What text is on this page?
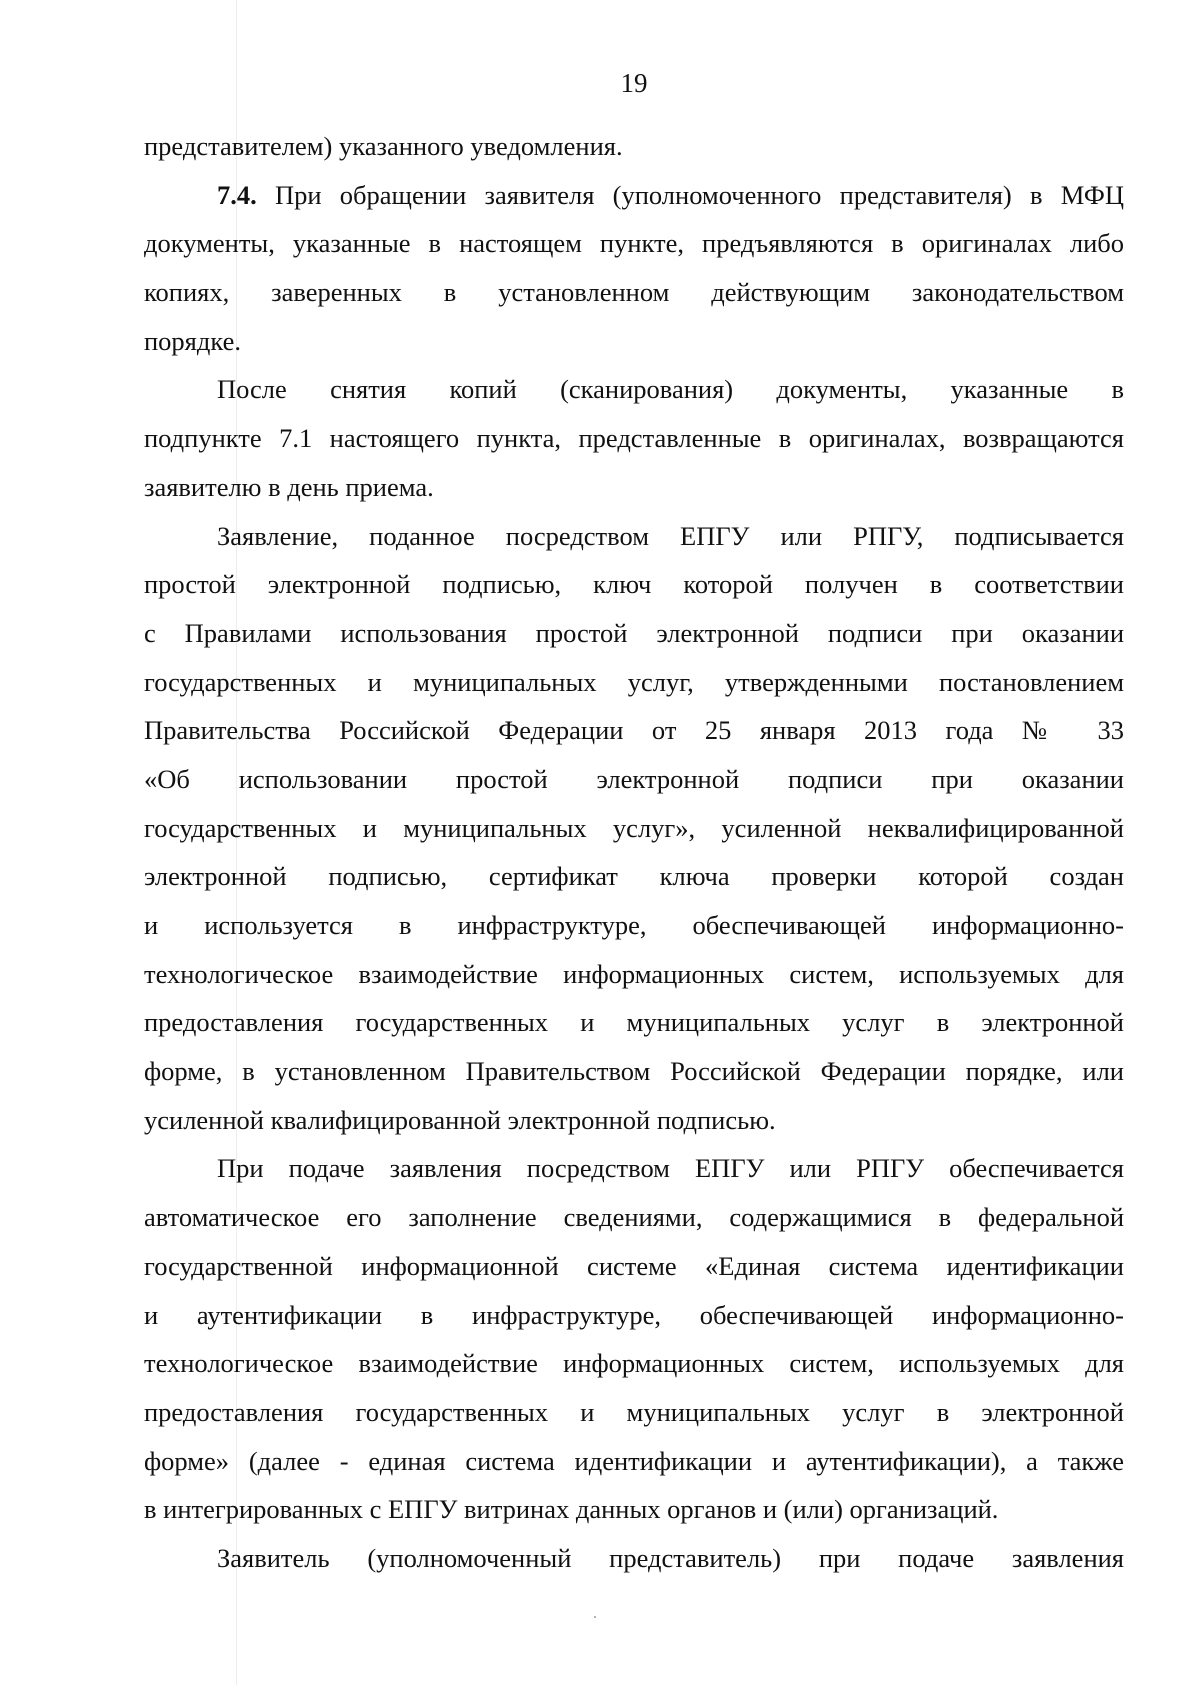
19
представителем) указанного уведомления.
7.4. При обращении заявителя (уполномоченного представителя) в МФЦ
документы, указанные в настоящем пункте, предъявляются в оригиналах либо
копиях, заверенных в установленном действующим законодательством
порядке.
После снятия копий (сканирования) документы, указанные в
подпункте 7.1 настоящего пункта, представленные в оригиналах, возвращаются
заявителю в день приема.
Заявление, поданное посредством ЕПГУ или РПГУ, подписывается
простой электронной подписью, ключ которой получен в соответствии
с Правилами использования простой электронной подписи при оказании
государственных и муниципальных услуг, утвержденными постановлением
Правительства Российской Федерации от 25 января 2013 года № 33
«Об использовании простой электронной подписи при оказании
государственных и муниципальных услуг», усиленной неквалифицированной
электронной подписью, сертификат ключа проверки которой создан
и используется в инфраструктуре, обеспечивающей информационно-
технологическое взаимодействие информационных систем, используемых для
предоставления государственных и муниципальных услуг в электронной
форме, в установленном Правительством Российской Федерации порядке, или
усиленной квалифицированной электронной подписью.
При подаче заявления посредством ЕПГУ или РПГУ обеспечивается
автоматическое его заполнение сведениями, содержащимися в федеральной
государственной информационной системе «Единая система идентификации
и аутентификации в инфраструктуре, обеспечивающей информационно-
технологическое взаимодействие информационных систем, используемых для
предоставления государственных и муниципальных услуг в электронной
форме» (далее - единая система идентификации и аутентификации), а также
в интегрированных с ЕПГУ витринах данных органов и (или) организаций.
Заявитель (уполномоченный представитель) при подаче заявления
